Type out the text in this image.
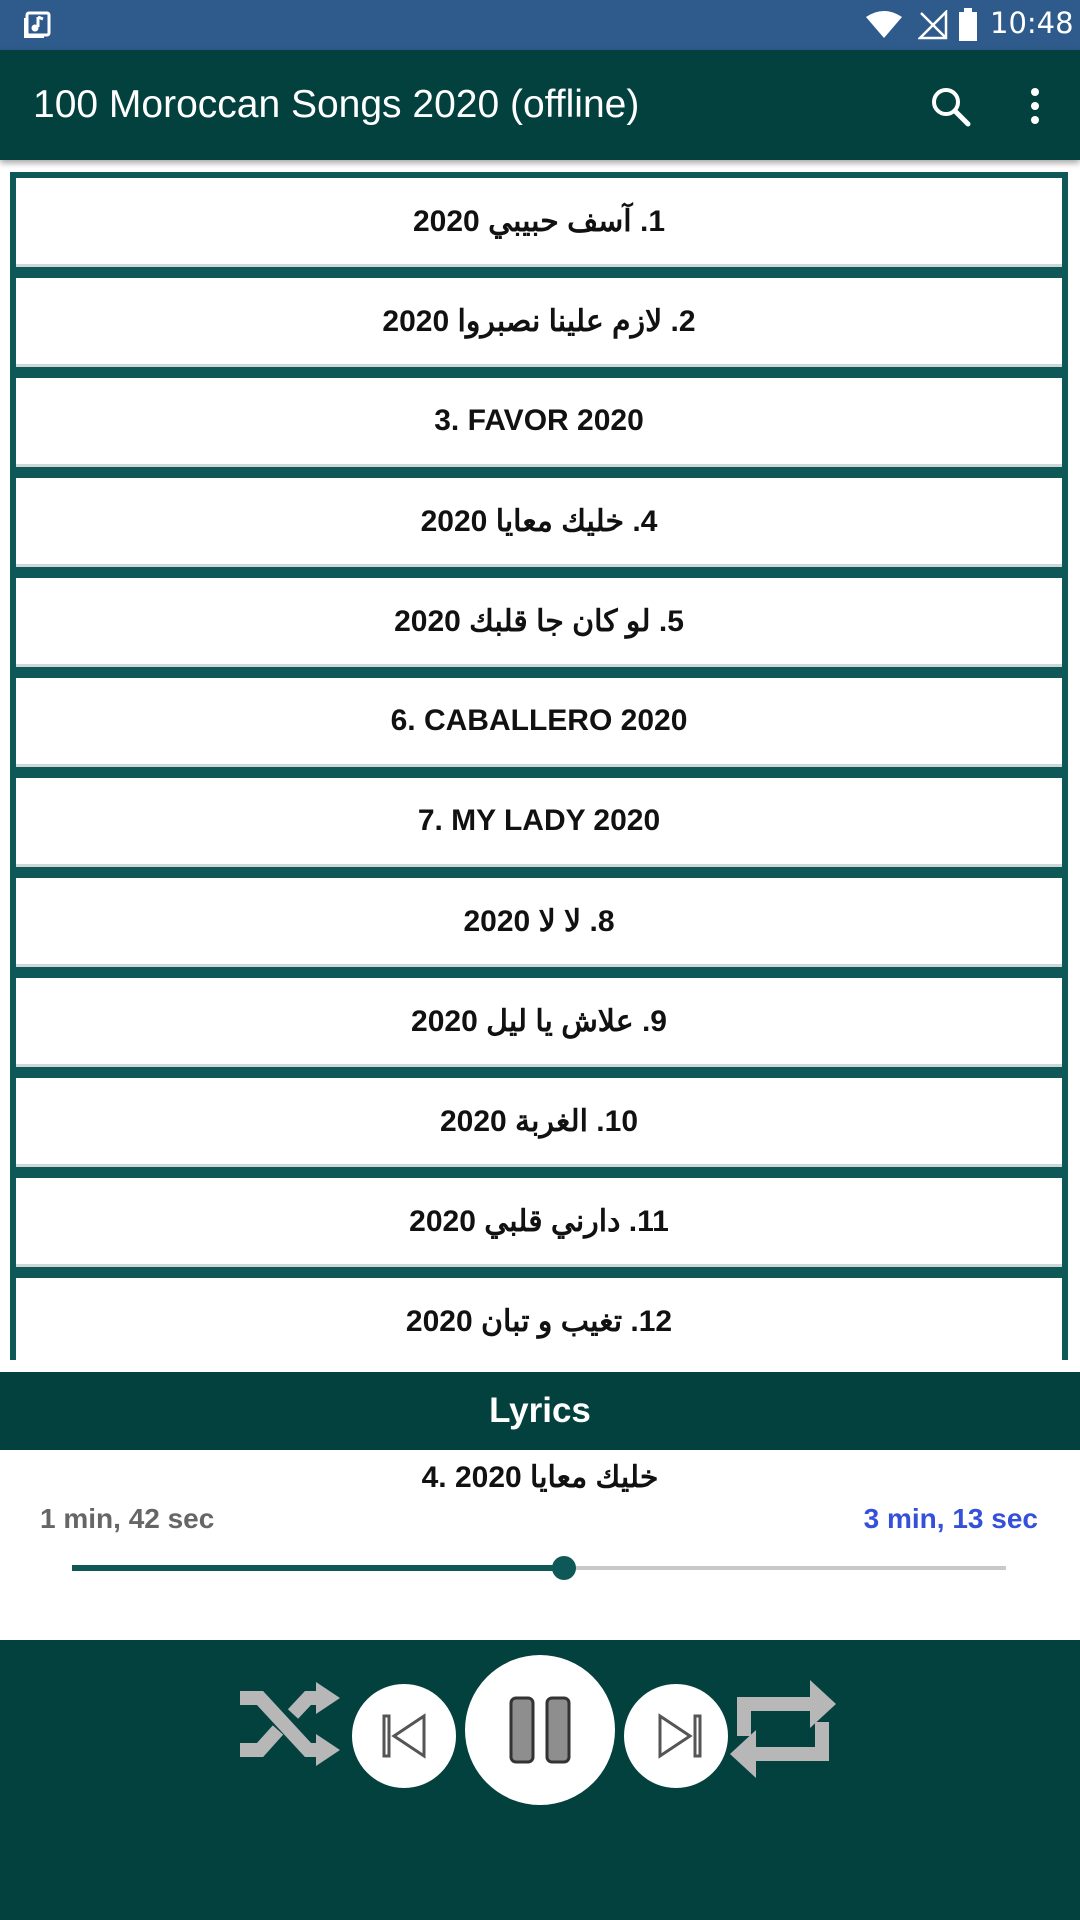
10:48
100 Moroccan Songs 2020 (offline)
1. آسف حبيبي 2020
2. لازم علينا نصبروا 2020
3. FAVOR 2020
4. خليك معايا 2020
5. لو كان جا قلبك 2020
6. CABALLERO 2020
7. MY LADY 2020
8. لا لا 2020
9. علاش يا ليل 2020
10. الغربة 2020
11. دارني قلبي 2020
12. تغيب و تبان 2020
Lyrics
4. خليك معايا 2020
1 min, 42 sec	3 min, 13 sec
